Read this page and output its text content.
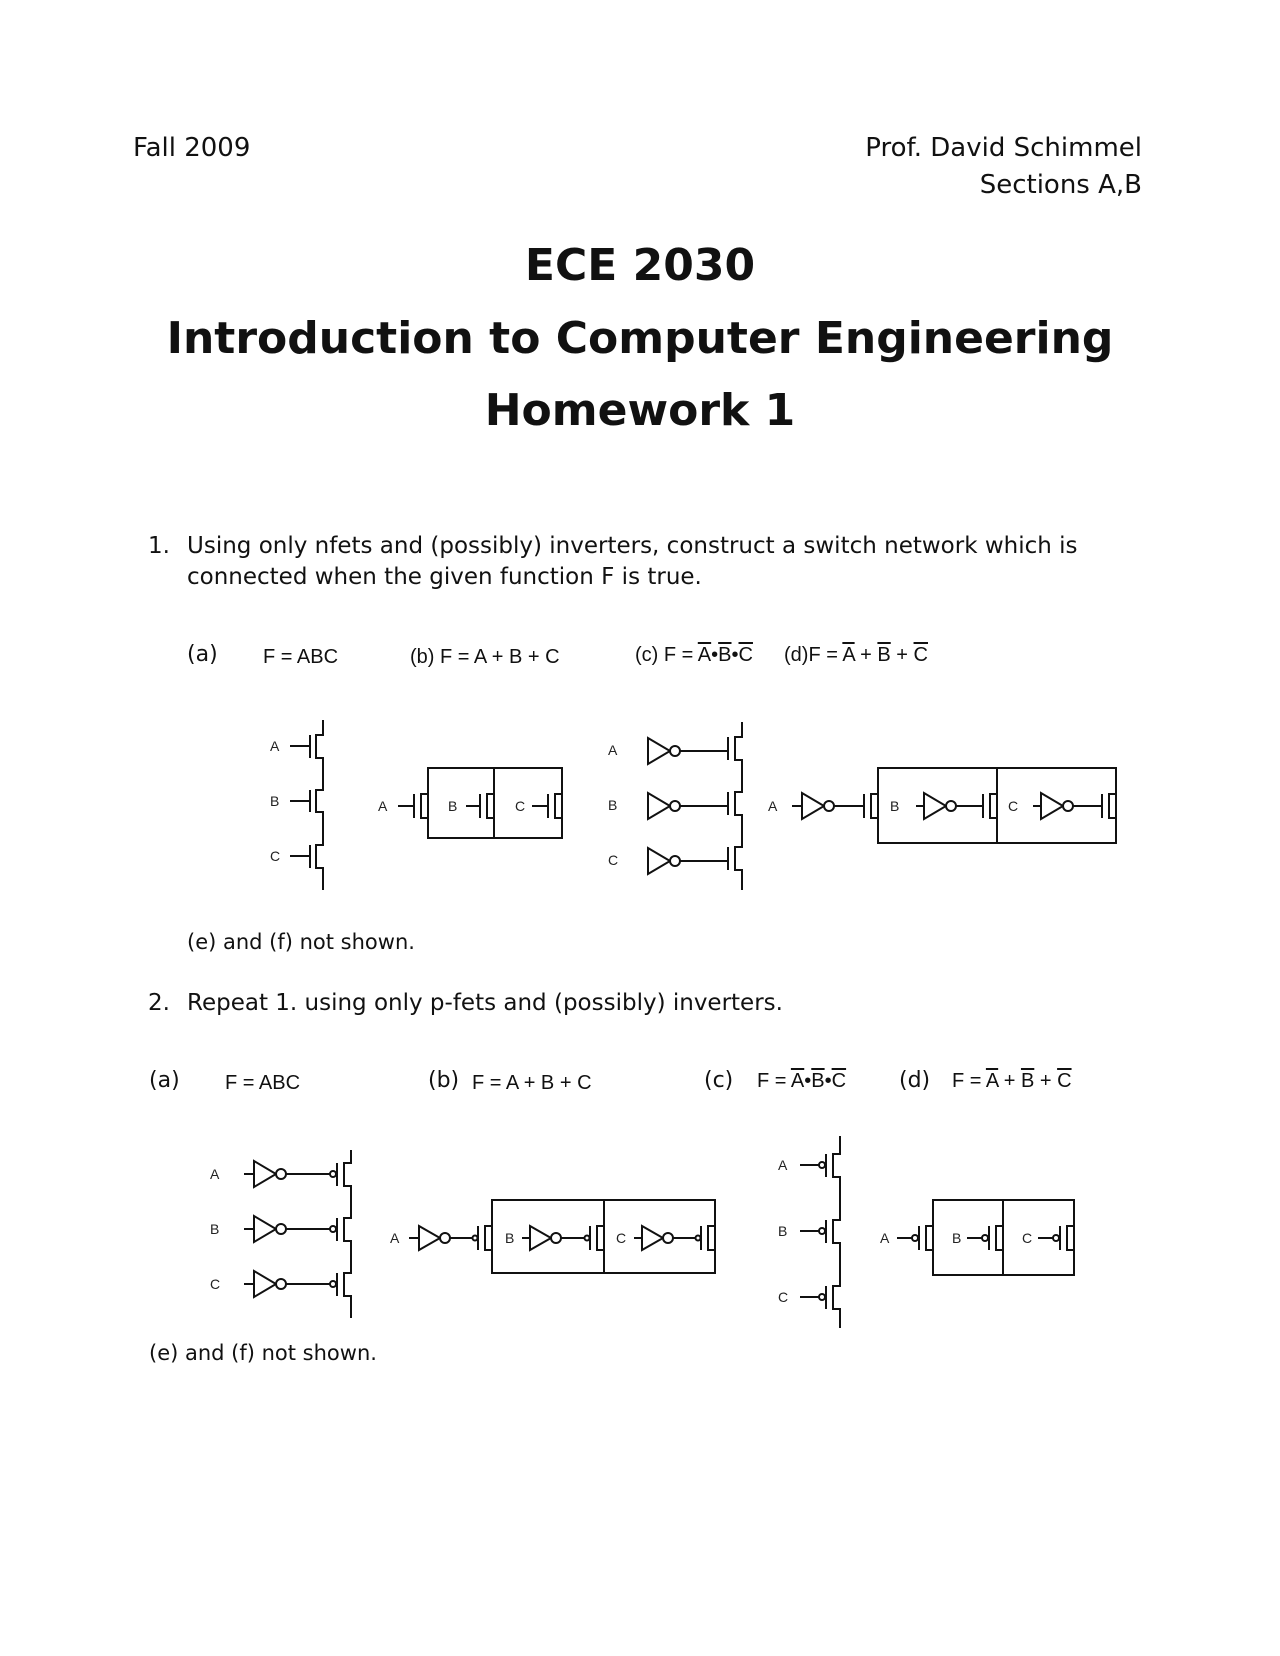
Fall 2009	Prof. David Schimmel
Sections A,B
ECE 2030
Introduction to Computer Engineering
Homework 1
1. Using only nfets and (possibly) inverters, construct a switch network which is
connected when the given function F is true.
(a) F = ABC	(b) F = A + B + C	(c) $F = \overline{A}•\overline{B}•\overline{C}$ $(d)F = \overline{A} + \overline{B} + \overline{C}$
A
B
C
A	B	C
A
B
C
A	B	C
(e) and (f) not shown.
2. Repeat 1. using only p-fets and (possibly) inverters.
(a) F = ABC	(b) F = A + B + C	(c) $F = \overline{A}•\overline{B}•\overline{C}$ (d) $F = \overline{A} + \overline{B} + \overline{C}$
A
B
C
A	B	C
A
B
C
A	B	C
(e) and (f) not shown.
